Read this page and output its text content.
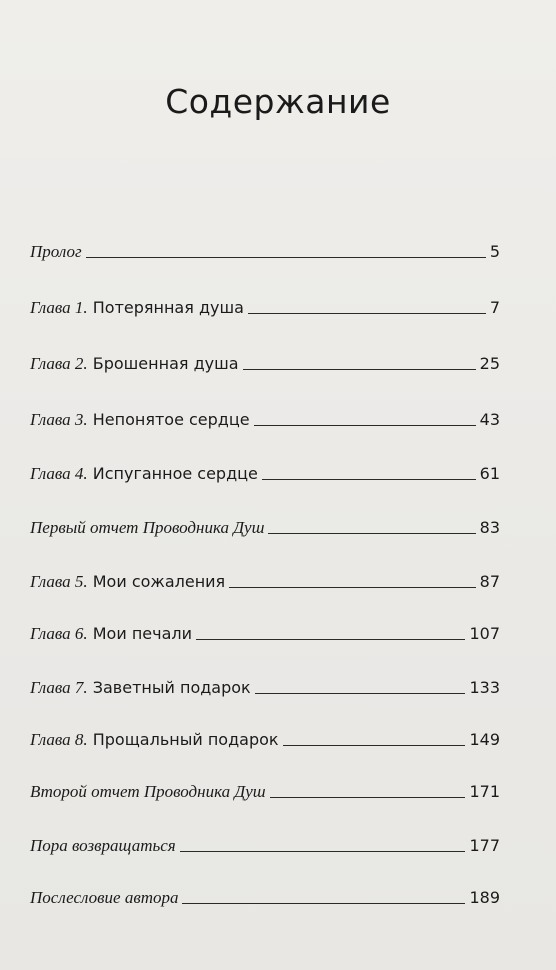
Содержание
Пролог	5
Глава 1. Потерянная душа	7
Глава 2. Брошенная душа	25
Глава 3. Непонятое сердце	43
Глава 4. Испуганное сердце	61
Первый отчет Проводника Душ	83
Глава 5. Мои сожаления	87
Глава 6. Мои печали	107
Глава 7. Заветный подарок	133
Глава 8. Прощальный подарок	149
Второй отчет Проводника Душ	171
Пора возвращаться	177
Послесловие автора	189
